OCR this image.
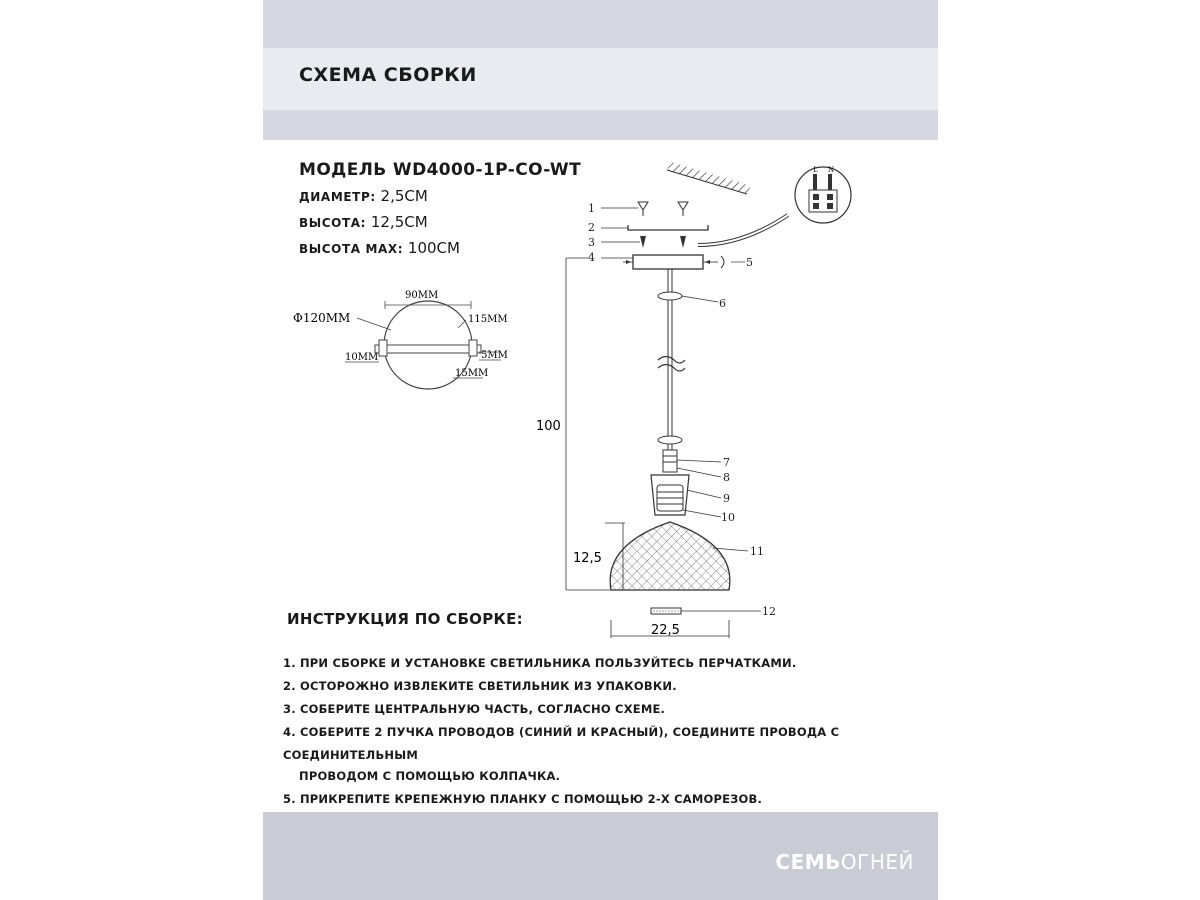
СХЕМА СБОРКИ
МОДЕЛЬ WD4000-1P-CO-WT
ДИАМЕТР: 2,5СМ
ВЫСОТА: 12,5СМ
ВЫСОТА MAX: 100СМ
90MM
Φ120MM	115MM
10MM	5MM
15MM
L N
1
2
3
4	5
6
7
8
9
10
11
12
100
12,5
22,5
ИНСТРУКЦИЯ ПО СБОРКЕ:
1. ПРИ СБОРКЕ И УСТАНОВКЕ СВЕТИЛЬНИКА ПОЛЬЗУЙТЕСЬ ПЕРЧАТКАМИ.
2. ОСТОРОЖНО ИЗВЛЕКИТЕ СВЕТИЛЬНИК ИЗ УПАКОВКИ.
3. СОБЕРИТЕ ЦЕНТРАЛЬНУЮ ЧАСТЬ, СОГЛАСНО СХЕМЕ.
4. СОБЕРИТЕ 2 ПУЧКА ПРОВОДОВ (СИНИЙ И КРАСНЫЙ), СОЕДИНИТЕ ПРОВОДА С СОЕДИНИТЕЛЬНЫМ
ПРОВОДОМ С ПОМОЩЬЮ КОЛПАЧКА.
5. ПРИКРЕПИТЕ КРЕПЕЖНУЮ ПЛАНКУ С ПОМОЩЬЮ 2-Х САМОРЕЗОВ.
СЕМЬОГНЕЙ
